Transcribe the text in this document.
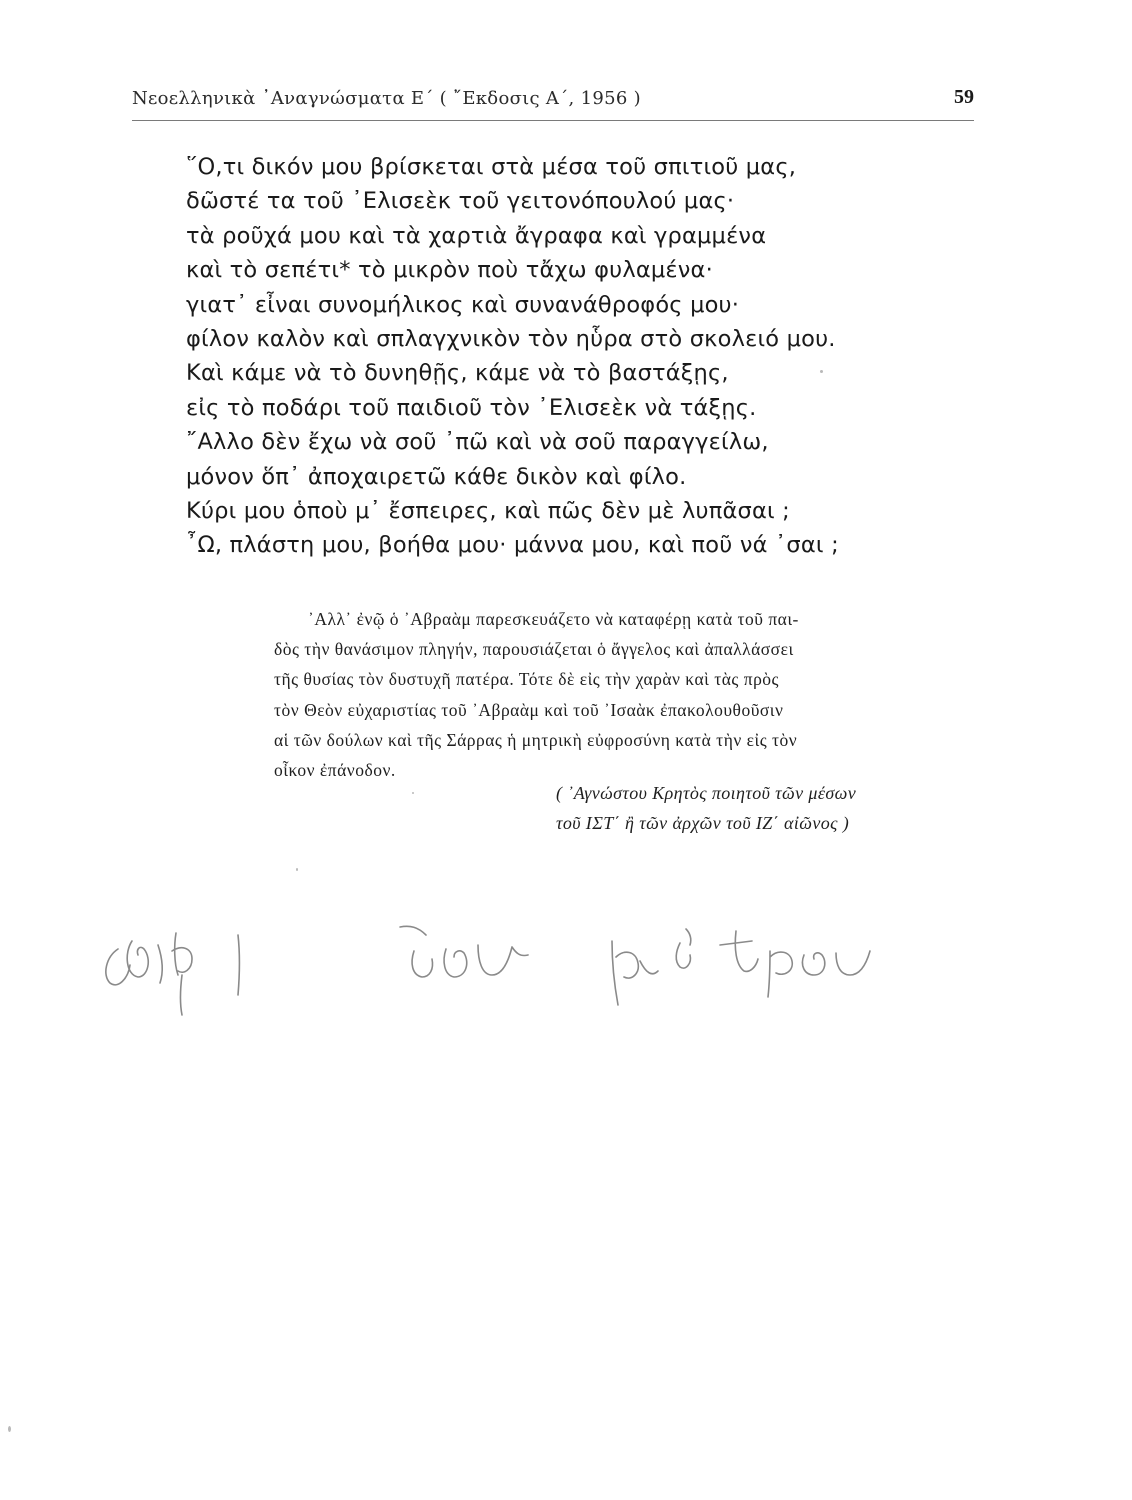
Νεοελληνικὰ ᾿Αναγνώσματα Ε΄ ( ῎Εκδοσις Α΄, 1956 )	59
῞Ο,τι δικόν μου βρίσκεται στὰ μέσα τοῦ σπιτιοῦ μας,
δῶστέ τα τοῦ ᾿Ελισεὲκ τοῦ γειτονόπουλού μας·
τὰ ροῦχά μου καὶ τὰ χαρτιὰ ἄγραφα καὶ γραμμένα
καὶ τὸ σεπέτι* τὸ μικρὸν ποὺ τἄχω φυλαμένα·
γιατ᾿ εἶναι συνομήλικος καὶ συνανάθροφός μου·
φίλον καλὸν καὶ σπλαγχνικὸν τὸν ηὗρα στὸ σκολειό μου.
Καὶ κάμε νὰ τὸ δυνηθῇς, κάμε νὰ τὸ βαστάξῃς,
εἰς τὸ ποδάρι τοῦ παιδιοῦ τὸν ᾿Ελισεὲκ νὰ τάξῃς.
῎Αλλο δὲν ἔχω νὰ σοῦ ᾿πῶ καὶ νὰ σοῦ παραγγείλω,
μόνον ὅπ᾿ ἀποχαιρετῶ κάθε δικὸν καὶ φίλο.
Κύρι μου ὁποὺ μ᾿ ἔσπειρες, καὶ πῶς δὲν μὲ λυπᾶσαι ;
῏Ω, πλάστη μου, βοήθα μου· μάννα μου, καὶ ποῦ νά ᾿σαι ;
᾿Αλλ᾿ ἐνῷ ὁ ᾿Αβραὰμ παρεσκευάζετο νὰ καταφέρῃ κατὰ τοῦ παι-
δὸς τὴν θανάσιμον πληγήν, παρουσιάζεται ὁ ἄγγελος καὶ ἀπαλλάσσει
τῆς θυσίας τὸν δυστυχῆ πατέρα. Τότε δὲ εἰς τὴν χαρὰν καὶ τὰς πρὸς
τὸν Θεὸν εὐχαριστίας τοῦ ᾿Αβραὰμ καὶ τοῦ ᾿Ισαὰκ ἐπακολουθοῦσιν
αἱ τῶν δούλων καὶ τῆς Σάρρας ἡ μητρικὴ εὐφροσύνη κατὰ τὴν εἰς τὸν
οἶκον ἐπάνοδον.
( ᾿Αγνώστου Κρητὸς ποιητοῦ τῶν μέσων
τοῦ ΙΣΤ΄ ἢ τῶν ἀρχῶν τοῦ ΙΖ΄ αἰῶνος )
